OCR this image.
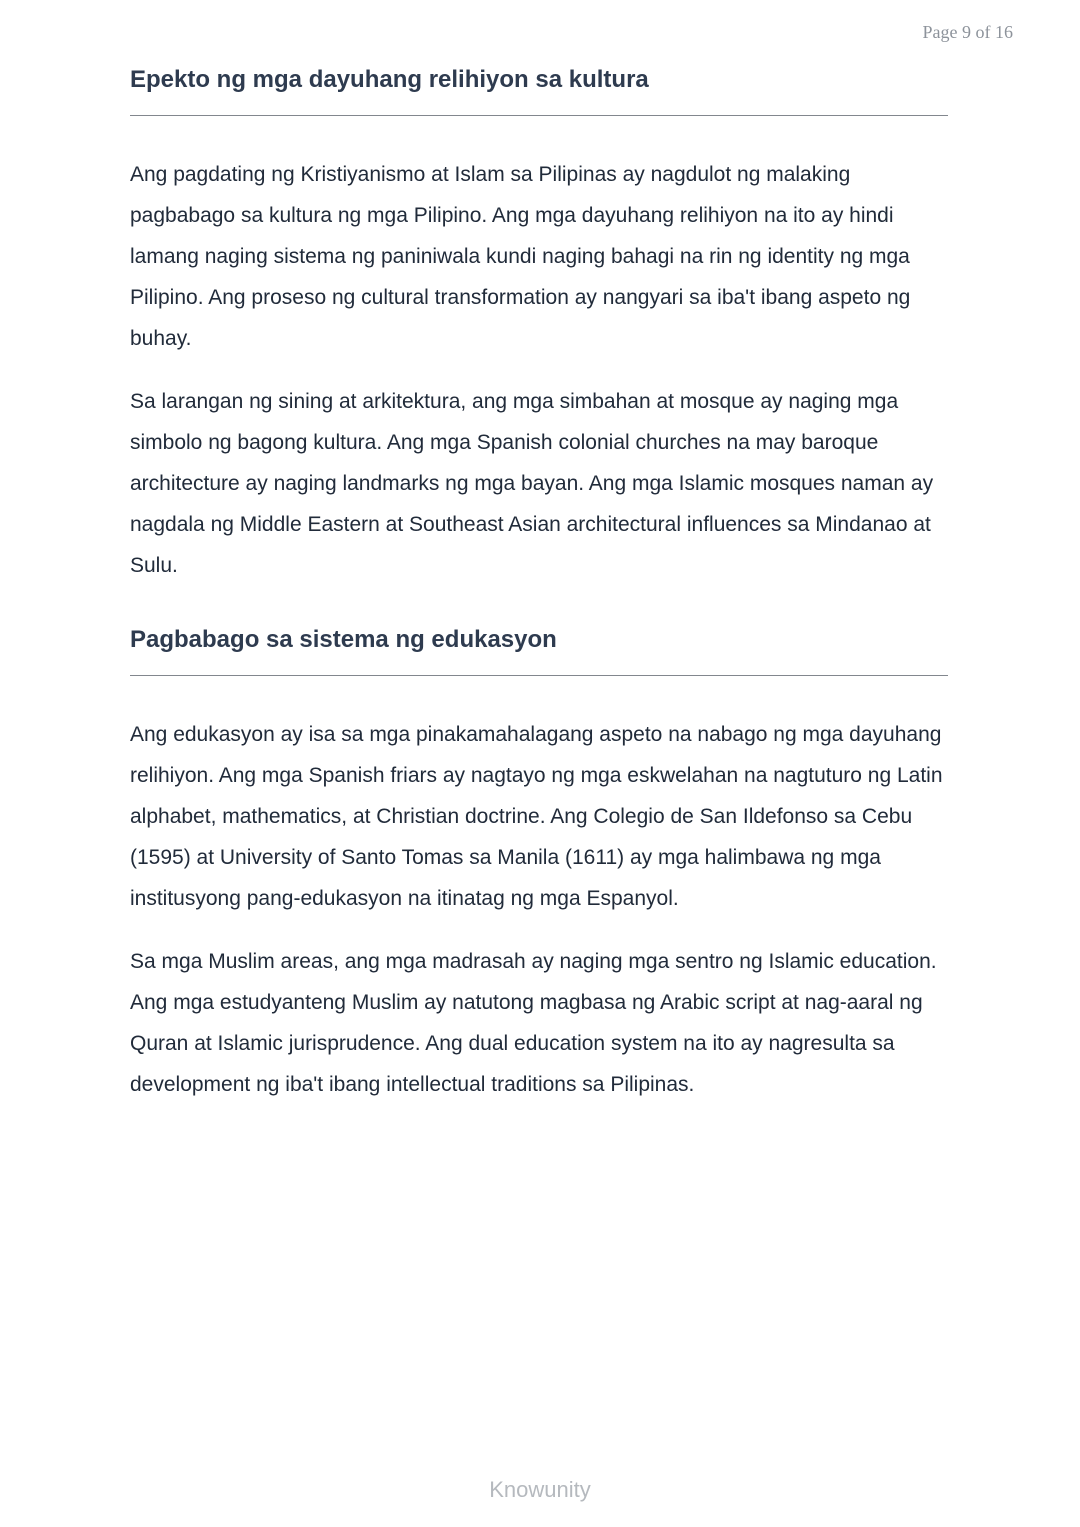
Page 9 of 16
Epekto ng mga dayuhang relihiyon sa kultura

Ang pagdating ng Kristiyanismo at Islam sa Pilipinas ay nagdulot ng malaking pagbabago sa kultura ng mga Pilipino. Ang mga dayuhang relihiyon na ito ay hindi lamang naging sistema ng paniniwala kundi naging bahagi na rin ng identity ng mga Pilipino. Ang proseso ng cultural transformation ay nangyari sa iba't ibang aspeto ng buhay.

Sa larangan ng sining at arkitektura, ang mga simbahan at mosque ay naging mga simbolo ng bagong kultura. Ang mga Spanish colonial churches na may baroque architecture ay naging landmarks ng mga bayan. Ang mga Islamic mosques naman ay nagdala ng Middle Eastern at Southeast Asian architectural influences sa Mindanao at Sulu.

Pagbabago sa sistema ng edukasyon

Ang edukasyon ay isa sa mga pinakamahalagang aspeto na nabago ng mga dayuhang relihiyon. Ang mga Spanish friars ay nagtayo ng mga eskwelahan na nagtuturo ng Latin alphabet, mathematics, at Christian doctrine. Ang Colegio de San Ildefonso sa Cebu (1595) at University of Santo Tomas sa Manila (1611) ay mga halimbawa ng mga institusyong pang-edukasyon na itinatag ng mga Espanyol.

Sa mga Muslim areas, ang mga madrasah ay naging mga sentro ng Islamic education. Ang mga estudyanteng Muslim ay natutong magbasa ng Arabic script at nag-aaral ng Quran at Islamic jurisprudence. Ang dual education system na ito ay nagresulta sa development ng iba't ibang intellectual traditions sa Pilipinas.

Knowunity
